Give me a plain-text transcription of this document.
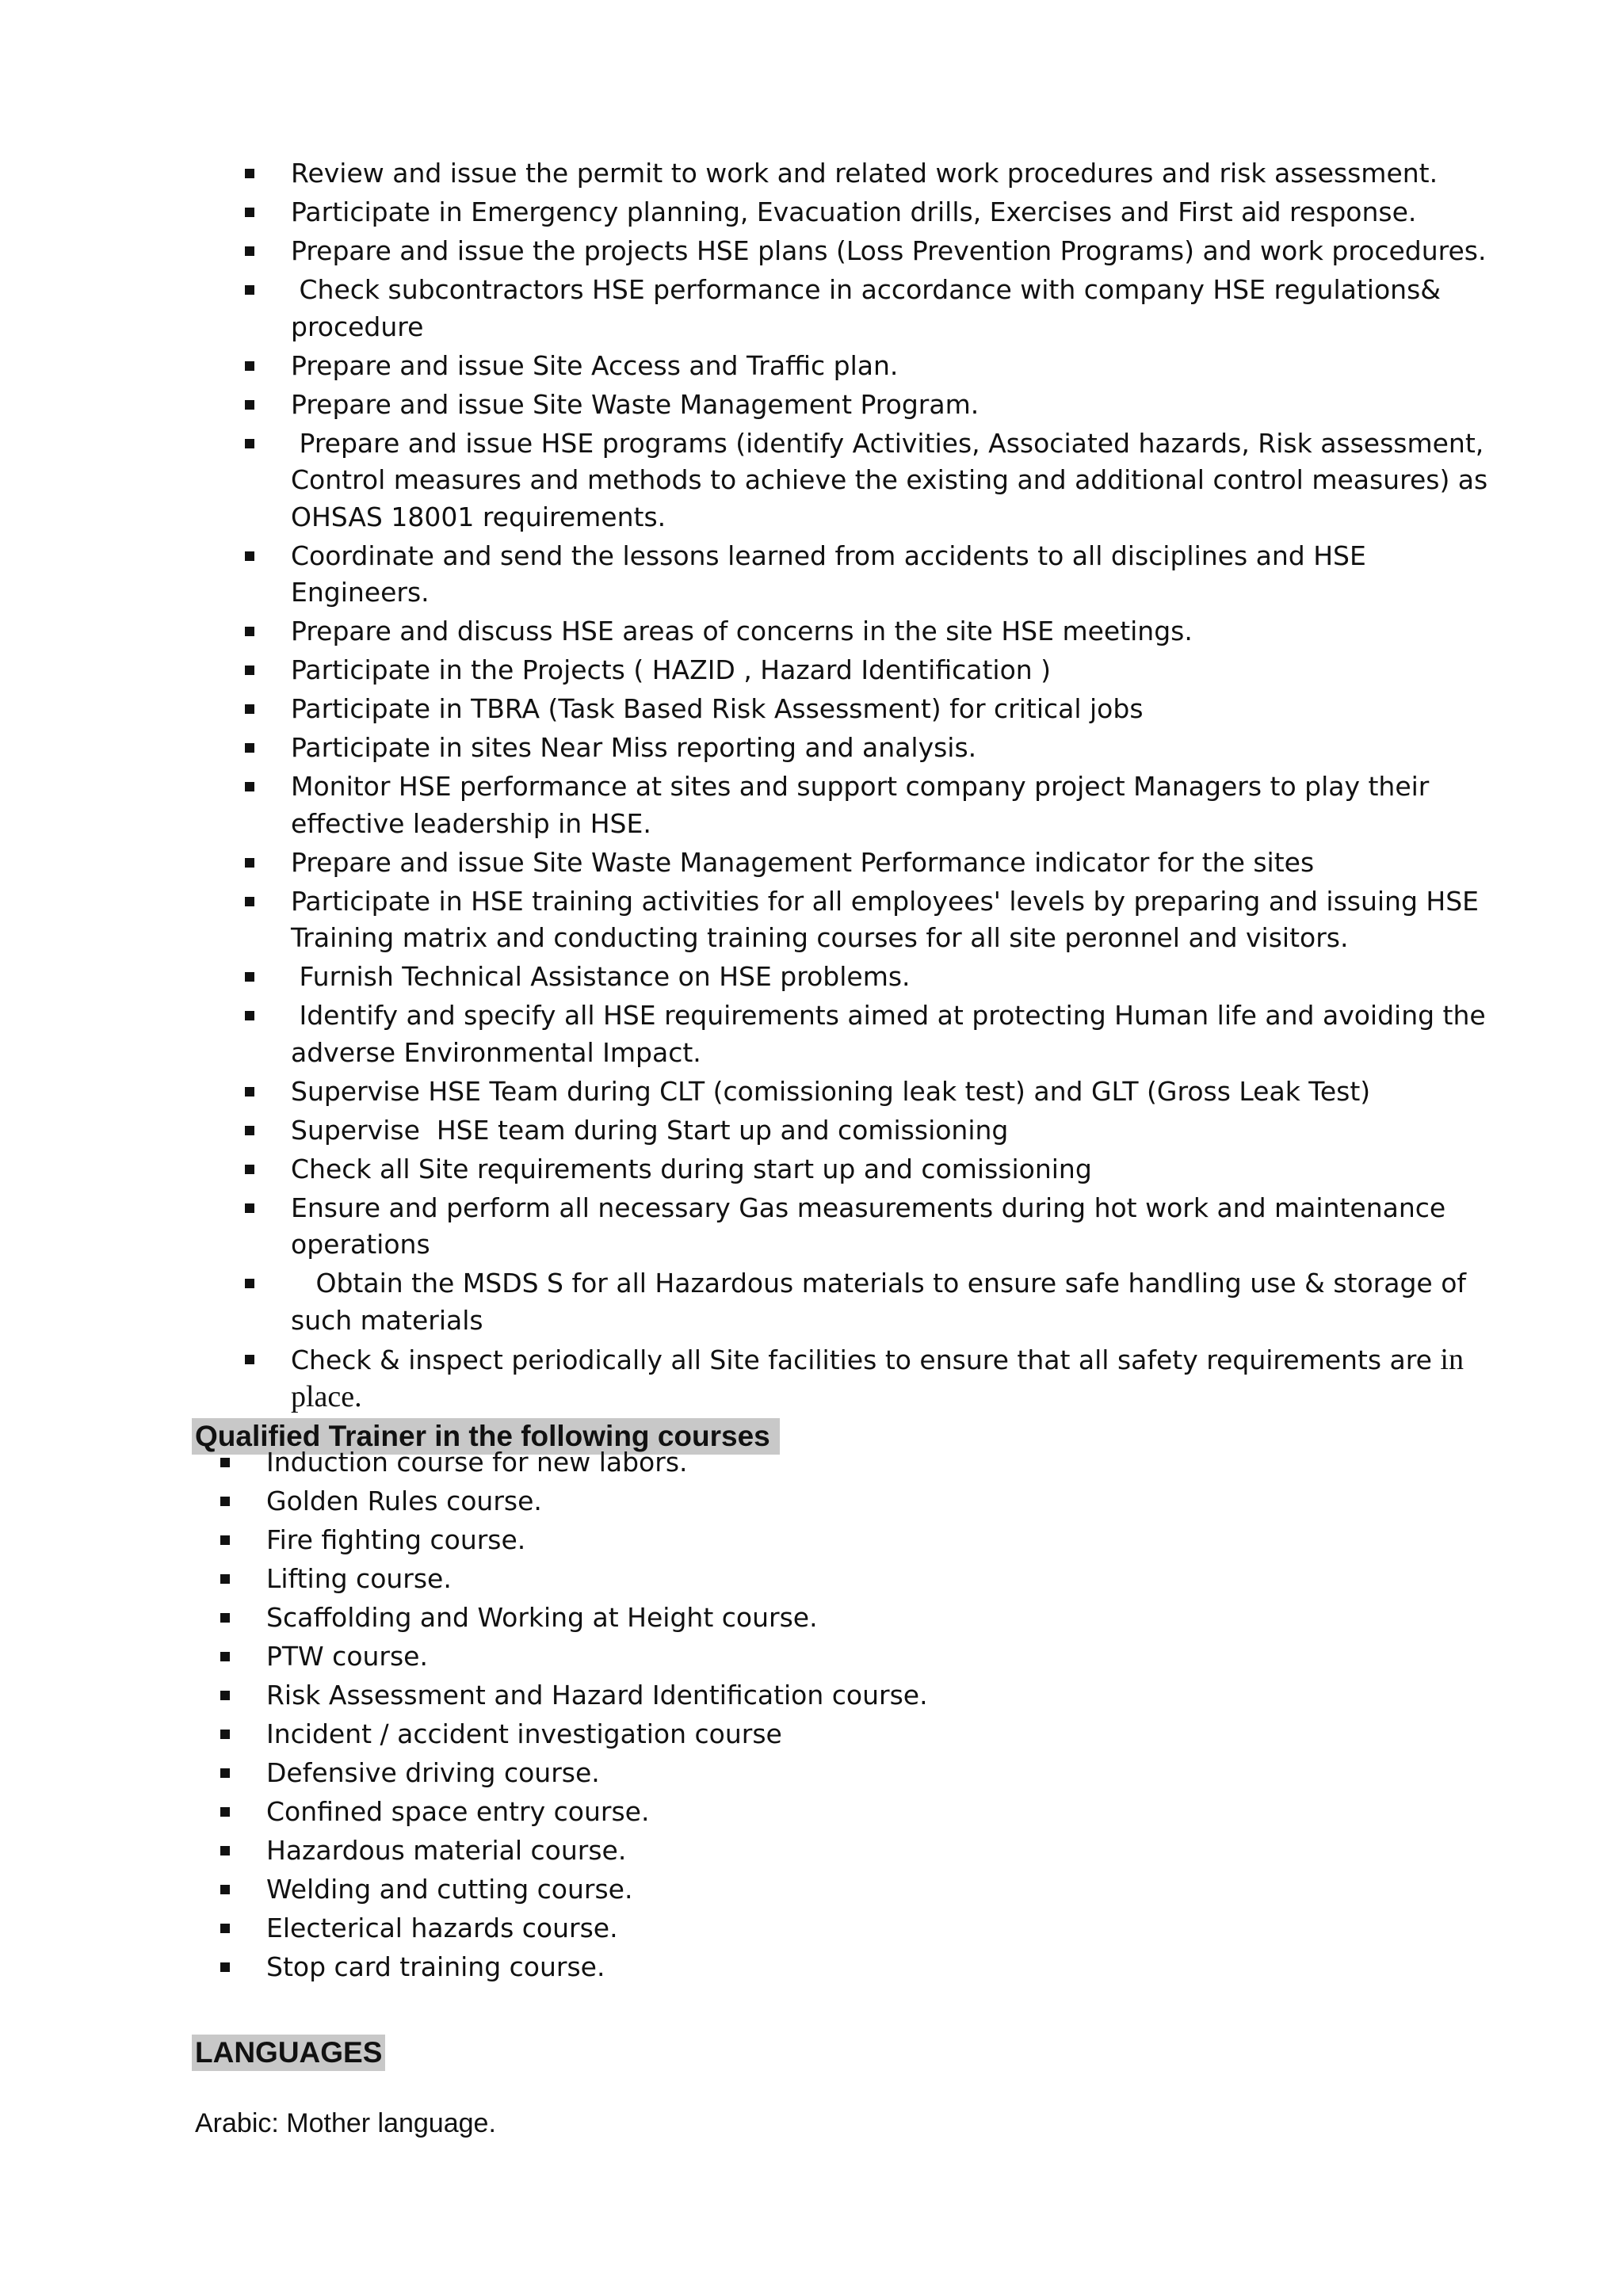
Review and issue the permit to work and related work procedures and risk assessment.
Participate in Emergency planning, Evacuation drills, Exercises and First aid response.
Prepare and issue the projects HSE plans (Loss Prevention Programs) and work procedures.
Check subcontractors HSE performance in accordance with company HSE regulations& procedure
Prepare and issue Site Access and Traffic plan.
Prepare and issue Site Waste Management Program.
Prepare and issue HSE programs (identify Activities, Associated hazards, Risk assessment, Control measures and methods to achieve the existing and additional control measures) as OHSAS 18001 requirements.
Coordinate and send the lessons learned from accidents to all disciplines and HSE Engineers.
Prepare and discuss HSE areas of concerns in the site HSE meetings.
Participate in the Projects ( HAZID , Hazard Identification )
Participate in TBRA (Task Based Risk Assessment) for critical jobs
Participate in sites Near Miss reporting and analysis.
Monitor HSE performance at sites and support company project Managers to play their effective leadership in HSE.
Prepare and issue Site Waste Management Performance indicator for the sites
Participate in HSE training activities for all employees' levels by preparing and issuing HSE Training matrix and conducting training courses for all site peronnel and visitors.
Furnish Technical Assistance on HSE problems.
Identify and specify all HSE requirements aimed at protecting Human life and avoiding the adverse Environmental Impact.
Supervise HSE Team during CLT (comissioning leak test) and GLT (Gross Leak Test)
Supervise  HSE team during Start up and comissioning
Check all Site requirements during start up and comissioning
Ensure and perform all necessary Gas measurements during hot work and maintenance operations
Obtain the MSDS S for all Hazardous materials to ensure safe handling use & storage of such materials
Check & inspect periodically all Site facilities to ensure that all safety requirements are in place.
Qualified Trainer in the following courses
Induction course for new labors.
Golden Rules course.
Fire fighting course.
Lifting course.
Scaffolding and Working at Height course.
PTW course.
Risk Assessment and Hazard Identification course.
Incident / accident investigation course
Defensive driving course.
Confined space entry course.
Hazardous material course.
Welding and cutting course.
Electerical hazards course.
Stop card training course.
LANGUAGES
Arabic: Mother language.
